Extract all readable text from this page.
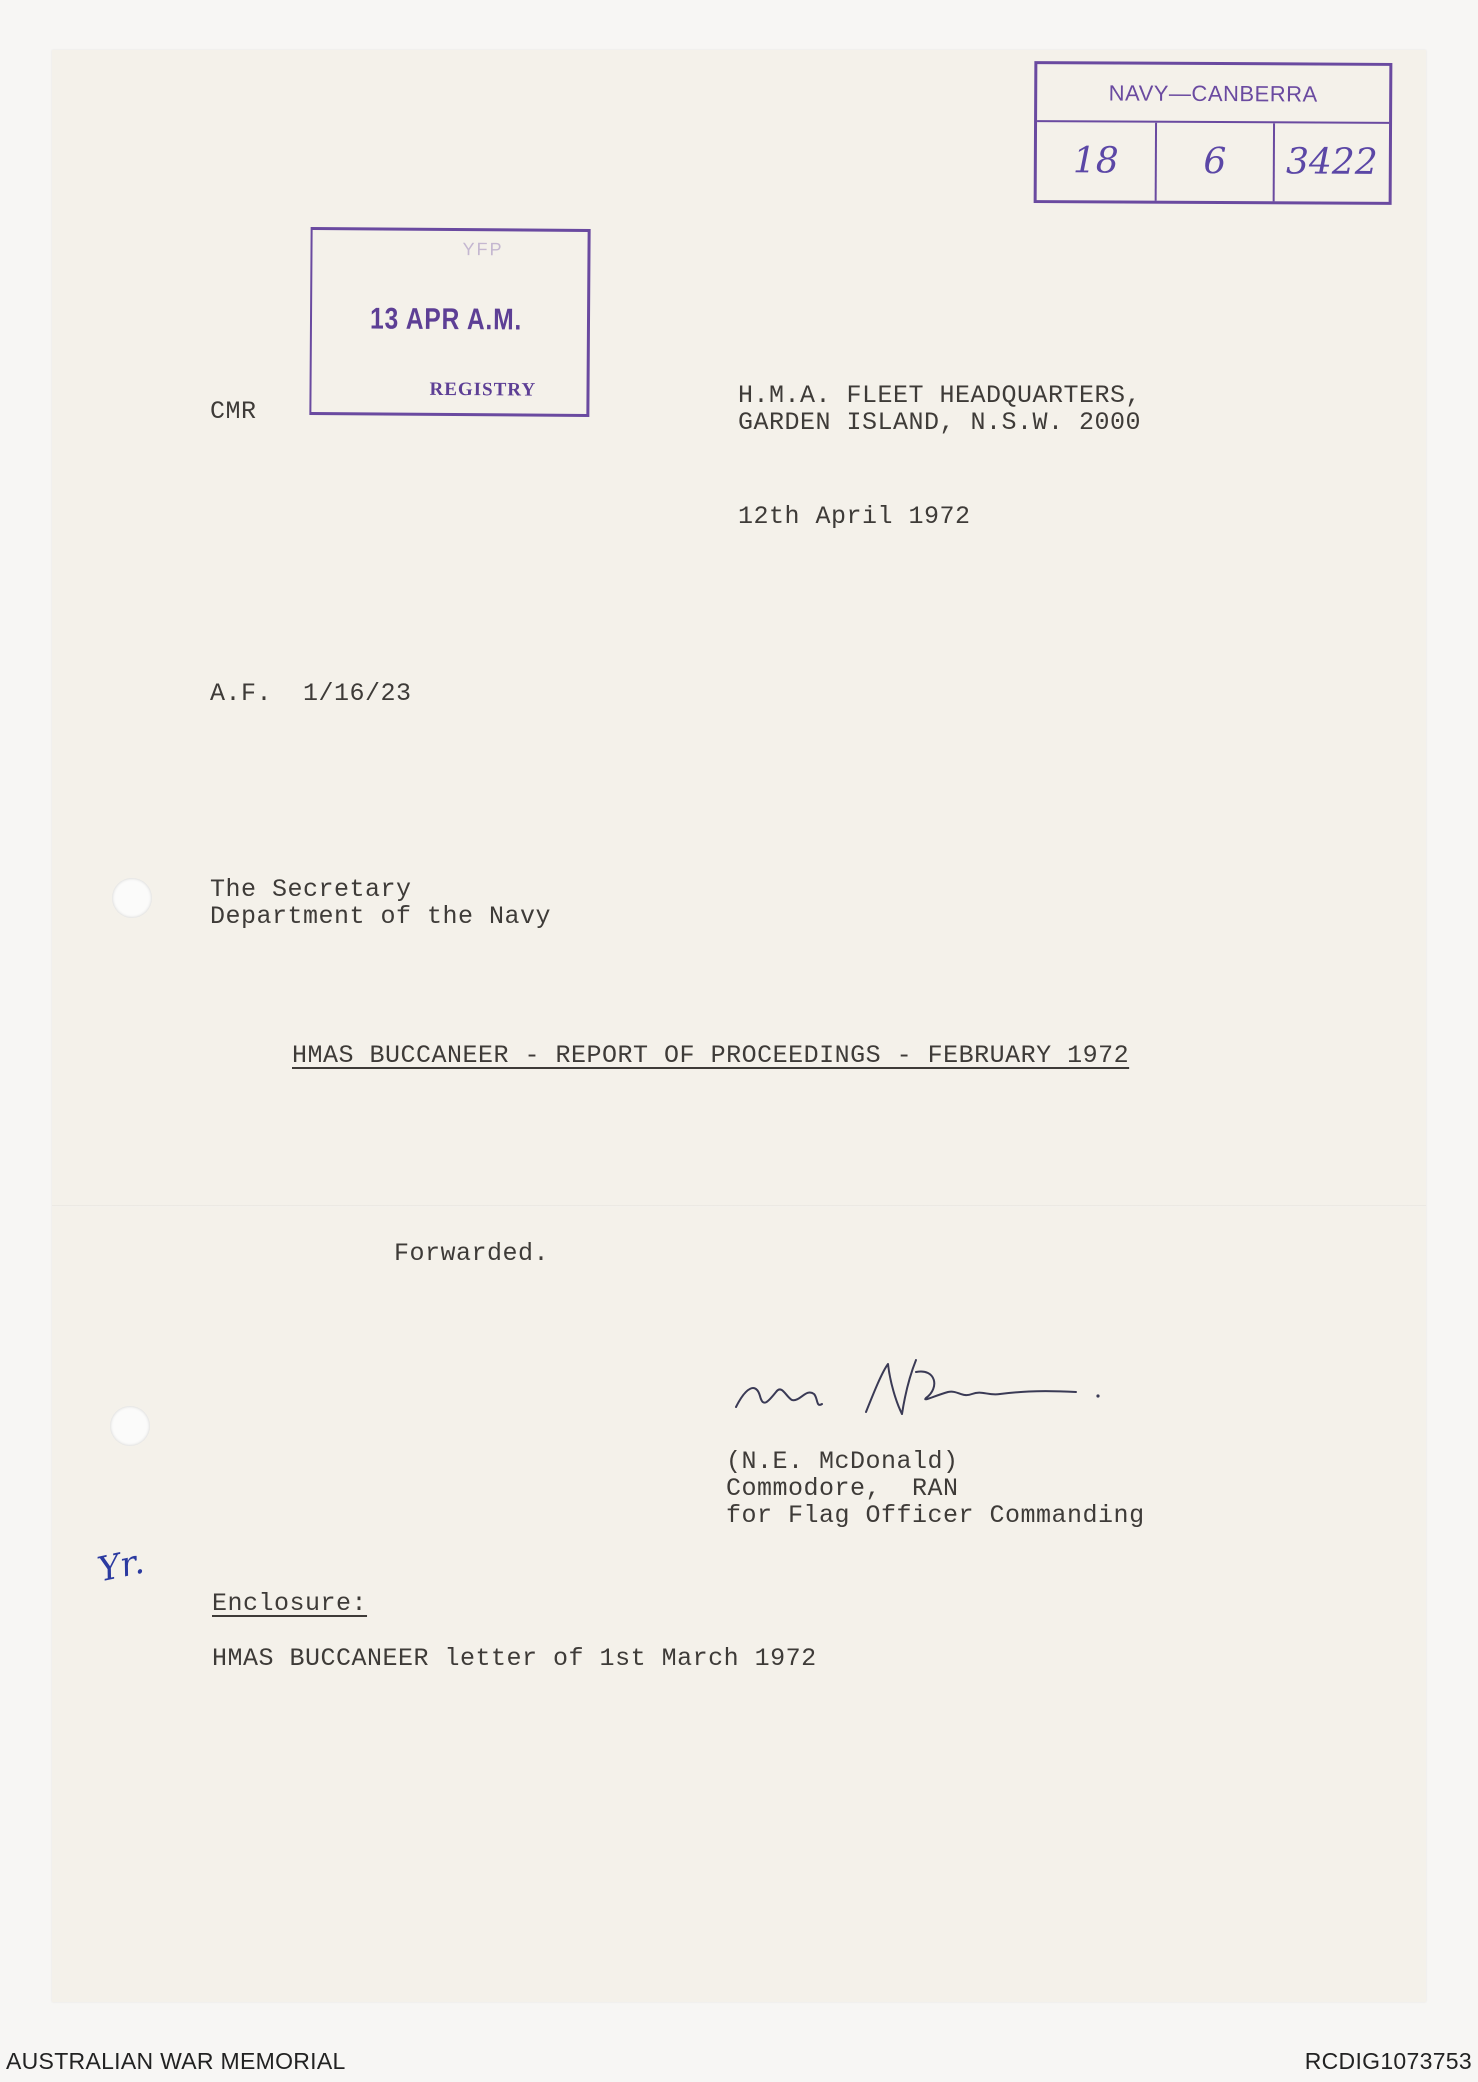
NAVY—CANBERRA
18	6	3422
YFP
13 APR A.M.
REGISTRY
CMR
H.M.A. FLEET HEADQUARTERS,
GARDEN ISLAND, N.S.W. 2000
12th April 1972
A.F.  1/16/23
The Secretary
Department of the Navy
HMAS BUCCANEER - REPORT OF PROCEEDINGS - FEBRUARY 1972
Forwarded.
(N.E. McDonald)
Commodore,  RAN
for Flag Officer Commanding
Yr.
Enclosure:
HMAS BUCCANEER letter of 1st March 1972
AUSTRALIAN WAR MEMORIAL	RCDIG1073753
